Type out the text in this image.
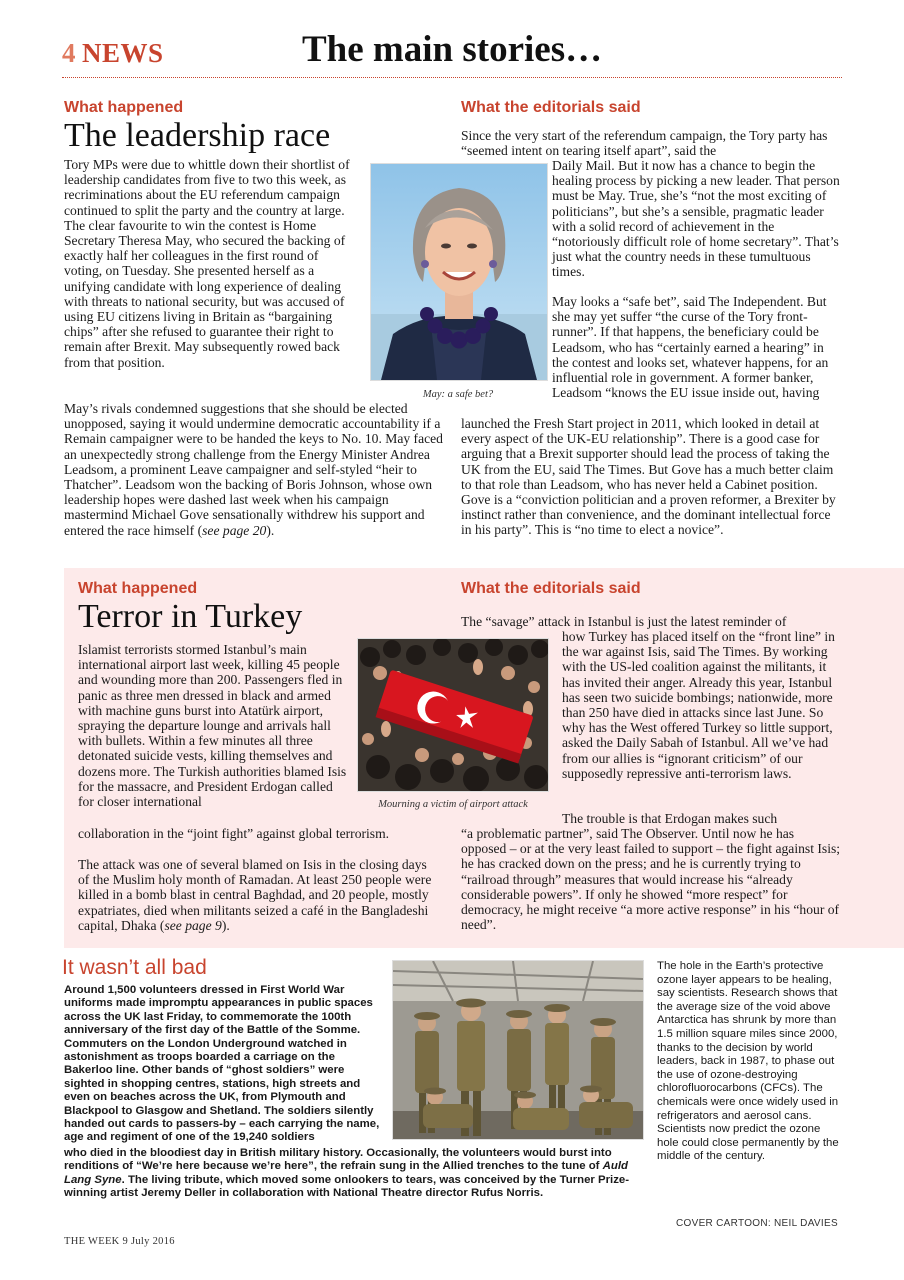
4 NEWS	The main stories…
What happened
The leadership race

Tory MPs were due to whittle down their shortlist of leadership candidates from five to two this week, as recriminations about the EU referendum campaign continued to split the party and the country at large. The clear favourite to win the contest is Home Secretary Theresa May, who secured the backing of exactly half her colleagues in the first round of voting, on Tuesday. She presented herself as a unifying candidate with long experience of dealing with threats to national security, but was accused of using EU citizens living in Britain as “bargaining chips” after she refused to guarantee their right to remain after Brexit. May subsequently rowed back from that position.

May’s rivals condemned suggestions that she should be elected unopposed, saying it would undermine democratic accountability if a Remain campaigner were to be handed the keys to No. 10. May faced an unexpectedly strong challenge from the Energy Minister Andrea Leadsom, a prominent Leave campaigner and self-styled “heir to Thatcher”. Leadsom won the backing of Boris Johnson, whose own leadership hopes were dashed last week when his campaign mastermind Michael Gove sensationally withdrew his support and entered the race himself (see page 20).

May: a safe bet?
What the editorials said
Since the very start of the referendum campaign, the Tory party has “seemed intent on tearing itself apart”, said the
Daily Mail. But it now has a chance to begin the healing process by picking a new leader. That person must be May. True, she’s “not the most exciting of politicians”, but she’s a sensible, pragmatic leader with a solid record of achievement in the “notoriously difficult role of home secretary”. That’s just what the country needs in these tumultuous times.
May looks a “safe bet”, said The Independent. But she may yet suffer “the curse of the Tory front-runner”. If that happens, the beneficiary could be Leadsom, who has “certainly earned a hearing” in the contest and looks set, whatever happens, for an influential role in government. A former banker, Leadsom “knows the EU issue inside out, having
launched the Fresh Start project in 2011, which looked in detail at every aspect of the UK-EU relationship”. There is a good case for arguing that a Brexit supporter should lead the process of taking the UK from the EU, said The Times. But Gove has a much better claim to that role than Leadsom, who has never held a Cabinet position. Gove is a “conviction politician and a proven reformer, a Brexiter by instinct rather than convenience, and the dominant intellectual force in his party”. This is “no time to elect a novice”.
What happened
Terror in Turkey
Islamist terrorists stormed Istanbul’s main international airport last week, killing 45 people and wounding more than 200. Passengers fled in panic as three men dressed in black and armed with machine guns burst into Atatürk airport, spraying the departure lounge and arrivals hall with bullets. Within a few minutes all three detonated suicide vests, killing themselves and dozens more. The Turkish authorities blamed Isis for the massacre, and President Erdogan called for closer international
collaboration in the “joint fight” against global terrorism.

The attack was one of several blamed on Isis in the closing days of the Muslim holy month of Ramadan. At least 250 people were killed in a bomb blast in central Baghdad, and 20 people, mostly expatriates, died when militants seized a café in the Bangladeshi capital, Dhaka (see page 9).

Mourning a victim of airport attack
What the editorials said
The “savage” attack in Istanbul is just the latest reminder of
how Turkey has placed itself on the “front line” in the war against Isis, said The Times. By working with the US-led coalition against the militants, it has invited their anger. Already this year, Istanbul has seen two suicide bombings; nationwide, more than 250 have died in attacks since last June. So why has the West offered Turkey so little support, asked the Daily Sabah of Istanbul. All we’ve had from our allies is “ignorant criticism” of our supposedly repressive anti-terrorism laws.
The trouble is that Erdogan makes such
“a problematic partner”, said The Observer. Until now he has opposed – or at the very least failed to support – the fight against Isis; he has cracked down on the press; and he is currently trying to “railroad through” measures that would increase his “already considerable powers”. If only he showed “more respect” for democracy, he might receive “a more active response” in his “hour of need”.
It wasn’t all bad
Around 1,500 volunteers dressed in First World War uniforms made impromptu appearances in public spaces across the UK last Friday, to commemorate the 100th anniversary of the first day of the Battle of the Somme. Commuters on the London Underground watched in astonishment as troops boarded a carriage on the Bakerloo line. Other bands of “ghost soldiers” were sighted in shopping centres, stations, high streets and even on beaches across the UK, from Plymouth and Blackpool to Glasgow and Shetland. The soldiers silently handed out cards to passers-by – each carrying the name, age and regiment of one of the 19,240 soldiers
who died in the bloodiest day in British military history. Occasionally, the volunteers would burst into renditions of “We’re here because we’re here”, the refrain sung in the Allied trenches to the tune of Auld Lang Syne. The living tribute, which moved some onlookers to tears, was conceived by the Turner Prize-winning artist Jeremy Deller in collaboration with National Theatre director Rufus Norris.
The hole in the Earth’s protective ozone layer appears to be healing, say scientists. Research shows that the average size of the void above Antarctica has shrunk by more than 1.5 million square miles since 2000, thanks to the decision by world leaders, back in 1987, to phase out the use of ozone-destroying chlorofluorocarbons (CFCs). The chemicals were once widely used in refrigerators and aerosol cans. Scientists now predict the ozone hole could close permanently by the middle of the century.
COVER CARTOON: NEIL DAVIES
THE WEEK 9 July 2016
